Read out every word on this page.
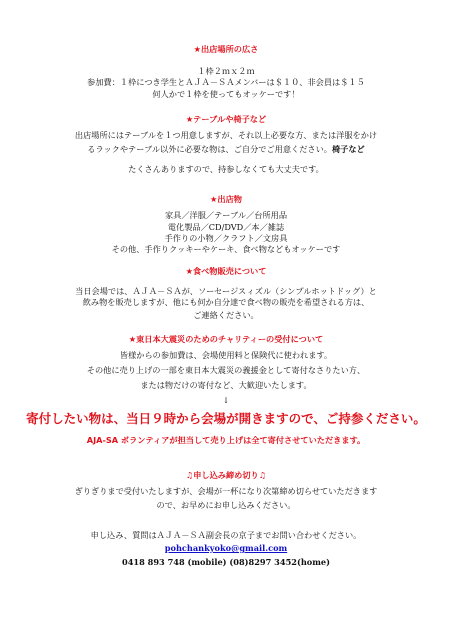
★出店場所の広さ
１枠２ｍｘ２ｍ
参加費：１枠につき学生とＡＪＡ－ＳＡメンバーは＄１０、非会員は＄１５
何人かで１枠を使ってもオッケーです！
★テーブルや椅子など
出店場所にはテーブルを１つ用意しますが、それ以上必要な方、または洋服をかけ
るラックやテーブル以外に必要な物は、ご自分でご用意ください。椅子など
たくさんありますので、持参しなくても大丈夫です。
★出店物
家具／洋服／テーブル／台所用品
電化製品／CD/DVD／本／雑誌
手作りの小物／クラフト／文房具
その他、手作りクッキーやケーキ、食べ物などもオッケーです
★食べ物販売について
当日会場では、ＡＪＡ－ＳＡが、ソーセージスィズル（シンプルホットドッグ）と
飲み物を販売しますが、他にも何か自分達で食べ物の販売を希望される方は、
ご連絡ください。
★東日本大震災のためのチャリティーの受付について
皆様からの参加費は、会場使用料と保険代に使われます。
その他に売り上げの一部を東日本大震災の義援金として寄付なさりたい方、
または物だけの寄付など、大歓迎いたします。
↓
寄付したい物は、当日９時から会場が開きますので、ご持参ください。
AJA-SA ボランティアが担当して売り上げは全て寄付させていただきます。
♫申し込み締め切り♫
ぎりぎりまで受付いたしますが、会場が一杯になり次第締め切らせていただきます
ので、お早めにお申し込みください。
申し込み、質問はＡＪＡ－ＳＡ副会長の京子までお問い合わせください。
pohchankyoko@gmail.com
0418 893 748 (mobile) (08)8297 3452(home)
